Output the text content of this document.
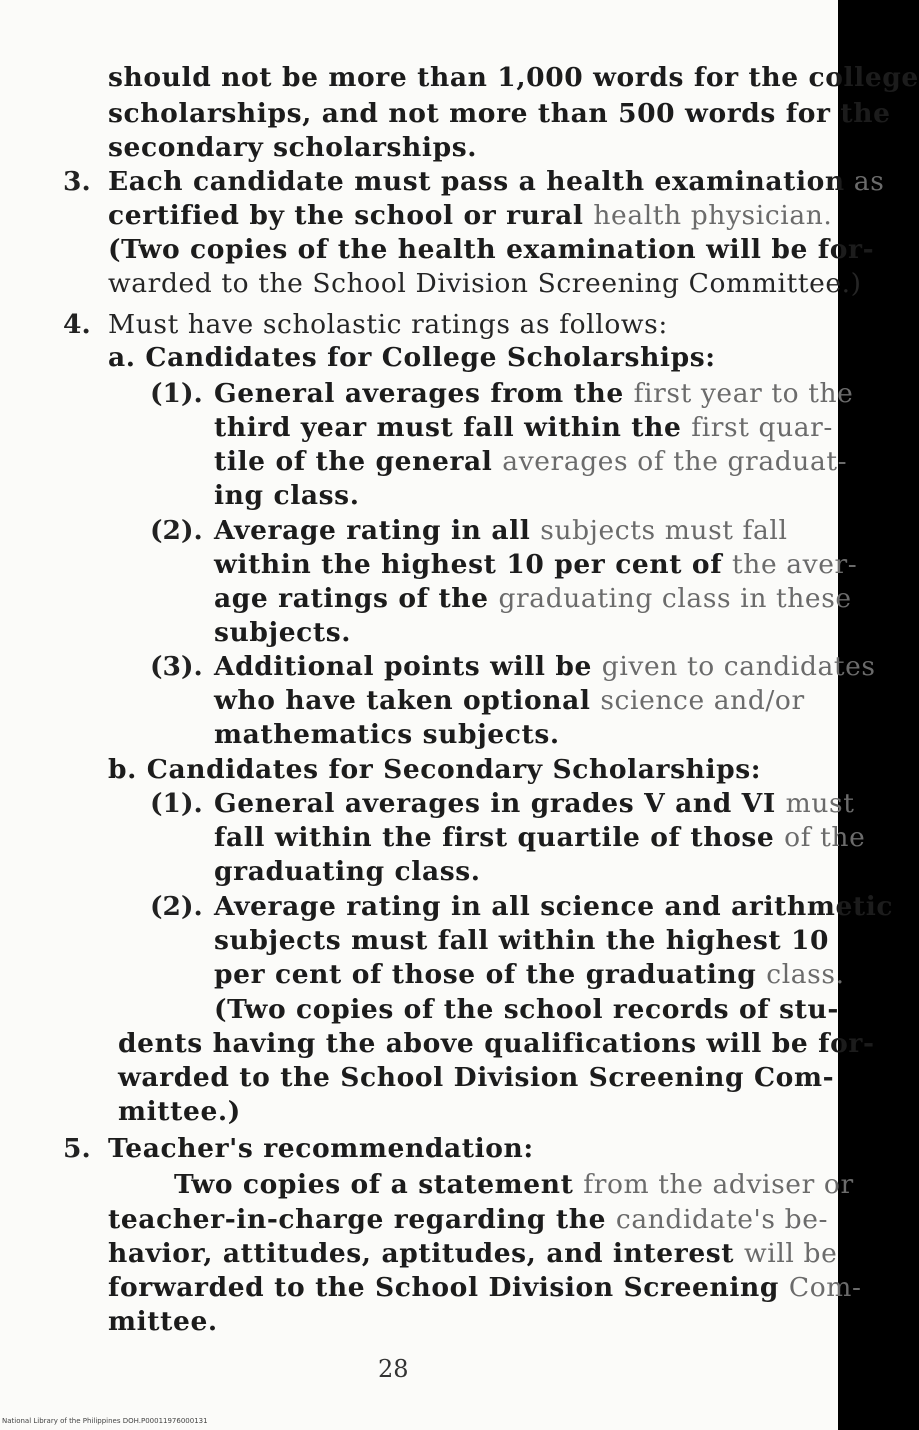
should not be more than 1,000 words for the college
scholarships, and not more than 500 words for the
secondary scholarships.
Each candidate must pass a health examination as
certified by the school or rural health physician.
(Two copies of the health examination will be for-
warded to the School Division Screening Committee.)
Must have scholastic ratings as follows:
a. Candidates for College Scholarships:
General averages from the first year to the
third year must fall within the first quar-
tile of the general averages of the graduat-
ing class.
Average rating in all subjects must fall
within the highest 10 per cent of the aver-
age ratings of the graduating class in these
subjects.
Additional points will be given to candidates
who have taken optional science and/or
mathematics subjects.
b. Candidates for Secondary Scholarships:
General averages in grades V and VI must
fall within the first quartile of those of the
graduating class.
Average rating in all science and arithmetic
subjects must fall within the highest 10
per cent of those of the graduating class.
(Two copies of the school records of stu-
dents having the above qualifications will be for-
warded to the School Division Screening Com-
mittee.)
Teacher's recommendation:
Two copies of a statement from the adviser or
teacher-in-charge regarding the candidate's be-
havior, attitudes, aptitudes, and interest will be
forwarded to the School Division Screening Com-
mittee.
3.
4.
(1).
(2).
(3).
(1).
(2).
5.
28
National Library of the Philippines DOH.P00011976000131
